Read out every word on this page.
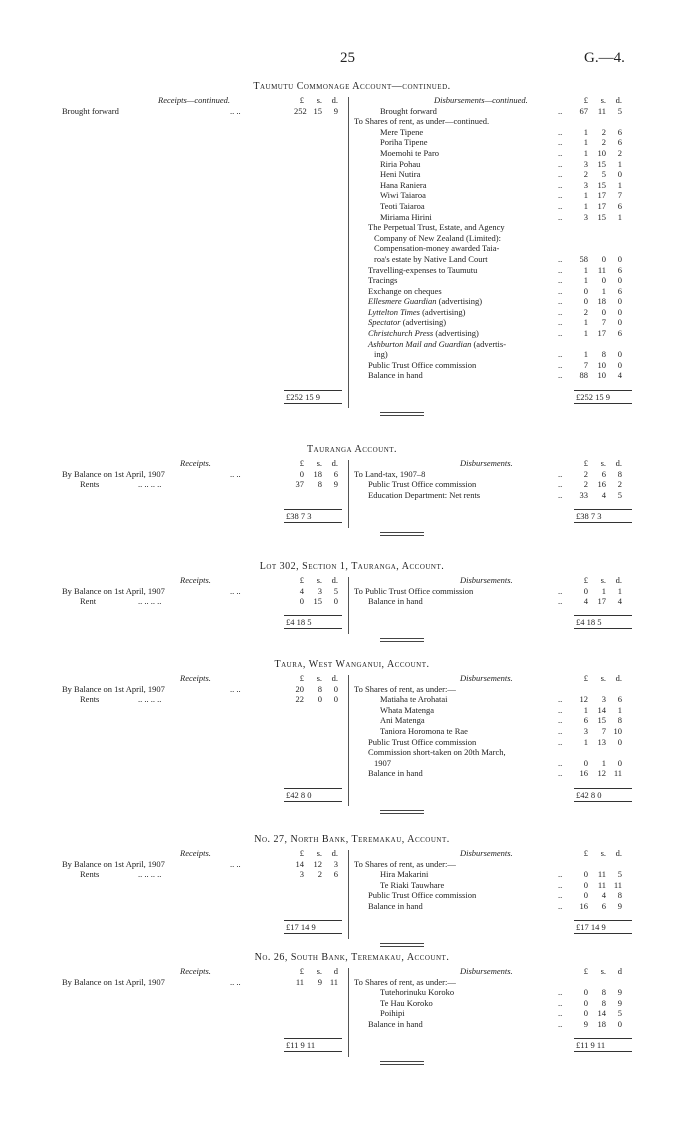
25	G.—4.
Taumutu Commonage Account—continued.
Receipts—continued.	Disbursements—continued.
£	s.	d.	£	s.	d.
Brought forward	.. ..	252 15	9	Brought forward	.. 67	11	5
To Shares of rent, as under—continued.
Mere Tipene	..	1	2	6
Poriha Tipene	..	1	2	6
Moemohi te Paro	..	1	10	2
Riria Pohau	..	3	15	1
Heni Nutira	..	2	5	0
Hana Raniera	..	3	15	1
Wiwi Taiaroa	..	1	17	7
Teoti Taiaroa	..	1	17	6
Miriama Hirini	..	3	15	1
The Perpetual Trust, Estate, and Agency
Company of New Zealand (Limited):
Compensation-money awarded Taia-
roa's estate by Native Land Court	.. 58	0	0
Travelling-expenses to Taumutu	..	1	11	6
Tracings	..	1	0	0
Exchange on cheques	..	0	1	6
Ellesmere Guardian (advertising)	..	0	18	0
Lyttelton Times (advertising)	..	2	0	0
Spectator (advertising)	..	1	7	0
Christchurch Press (advertising)	..	1	17	6
Ashburton Mail and Guardian (advertis-
ing)	..	1	8	0
Public Trust Office commission	..	7	10	0
Balance in hand	.. 88	10	4
£252 15 9	£252 15 9
Tauranga Account.
Receipts.	Disbursements.
£	s.	d.	£	s.	d.
By Balance on 1st April, 1907	.. ..	0	18	6 To Land-tax, 1907–8	..	2	6	8
Rents	.. .. .. ..	37	8	9	Public Trust Office commission	..	2	16	2
Education Department: Net rents	.. 33	4	5
£38 7 3	£38 7 3
Lot 302, Section 1, Tauranga, Account.
Receipts.	Disbursements.
£	s.	d.	£	s.	d.
By Balance on 1st April, 1907	.. ..	4	3	5 To Public Trust Office commission	..	0	1	1
Rent	.. .. .. ..	0	15	0	Balance in hand	..	4	17	4
£4 18 5	£4 18 5
Taura, West Wanganui, Account.
Receipts.	Disbursements.
£	s.	d.	£	s.	d.
By Balance on 1st April, 1907	.. ..	20	8	0 To Shares of rent, as under:—
Rents	.. .. .. ..	22	0	0	Matiaha te Arohatai	.. 12	3	6
Whata Matenga	..	1	14	1
Ani Matenga	..	6	15	8
Taniora Horomona te Rae	..	3	7 10
Public Trust Office commission	..	1	13	0
Commission short-taken on 20th March,
1907	..	0	1	0
Balance in hand	.. 16	12 11
£42 8 0	£42 8 0
No. 27, North Bank, Teremakau, Account.
Receipts.	Disbursements.
£	s.	d.	£	s.	d.
By Balance on 1st April, 1907	.. ..	14	12	3 To Shares of rent, as under:—
Rents	.. .. .. ..	3	2	6	Hira Makarini	..	0	11	5
Te Riaki Tauwhare	..	0	11 11
Public Trust Office commission	..	0	4	8
Balance in hand	.. 16	6	9
£17 14 9	£17 14 9
No. 26, South Bank, Teremakau, Account.
Receipts.	Disbursements.
£	s.	d	£	s.	d
By Balance on 1st April, 1907	.. ..	11	9 11 To Shares of rent, as under:—
Tutehorinuku Koroko	..	0	8	9
Te Hau Koroko	..	0	8	9
Poihipi	..	0	14	5
Balance in hand	..	9	18	0
£11 9 11	£11 9 11
